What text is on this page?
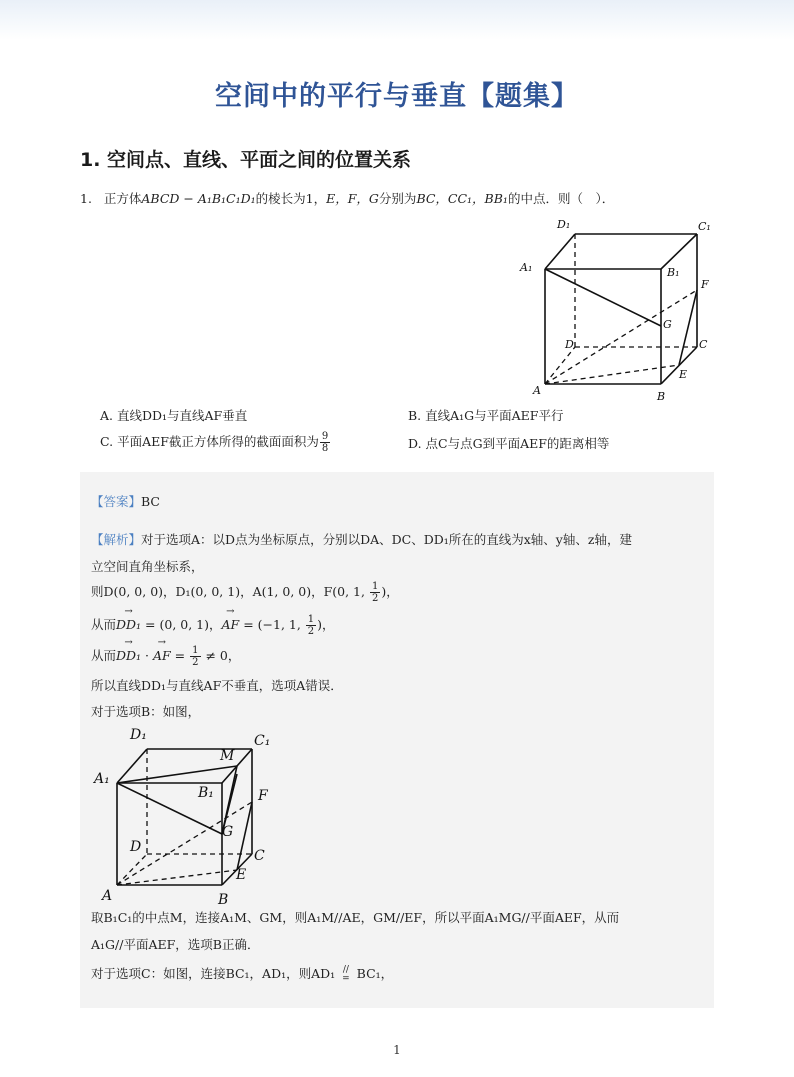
空间中的平行与垂直【题集】
1. 空间点、直线、平面之间的位置关系
1. 正方体ABCD − A₁B₁C₁D₁的棱长为1，E，F，G分别为BC，CC₁，BB₁的中点．则（　）．
D₁	C₁
A₁	B₁
F
G
D	C
E
A	B
A. 直线DD₁与直线AF垂直	B. 直线A₁G与平面AEF平行
C. 平面AEF截正方体所得的截面面积为 $\frac{9}{8}$	D. 点C与点G到平面AEF的距离相等
【答案】BC
【解析】对于选项A：以D点为坐标原点，分别以DA、DC、DD₁所在的直线为x轴、y轴、z轴，建
立空间直角坐标系，
则D(0, 0, 0)，D₁(0, 0, 1)，A(1, 0, 0)，F(0, 1, $\frac{1}{2}$ )，
从而→ DD₁ = (0, 0, 1)，→ AF = (−1, 1, $\frac{1}{2}$ )，
从而→ DD₁ · → AF = $\frac{1}{2} \ne 0$，
所以直线DD₁与直线AF不垂直，选项A错误．
对于选项B：如图，
D₁
M
C₁
A₁
B₁	F
G
D
C
E
A	B
取B₁C₁的中点M，连接A₁M、GM，则A₁M//AE，GM//EF，所以平面A₁MG//平面AEF，从而
A₁G//平面AEF，选项B正确．
对于选项C：如图，连接BC₁，AD₁，则AD₁ //
= BC₁，
1
